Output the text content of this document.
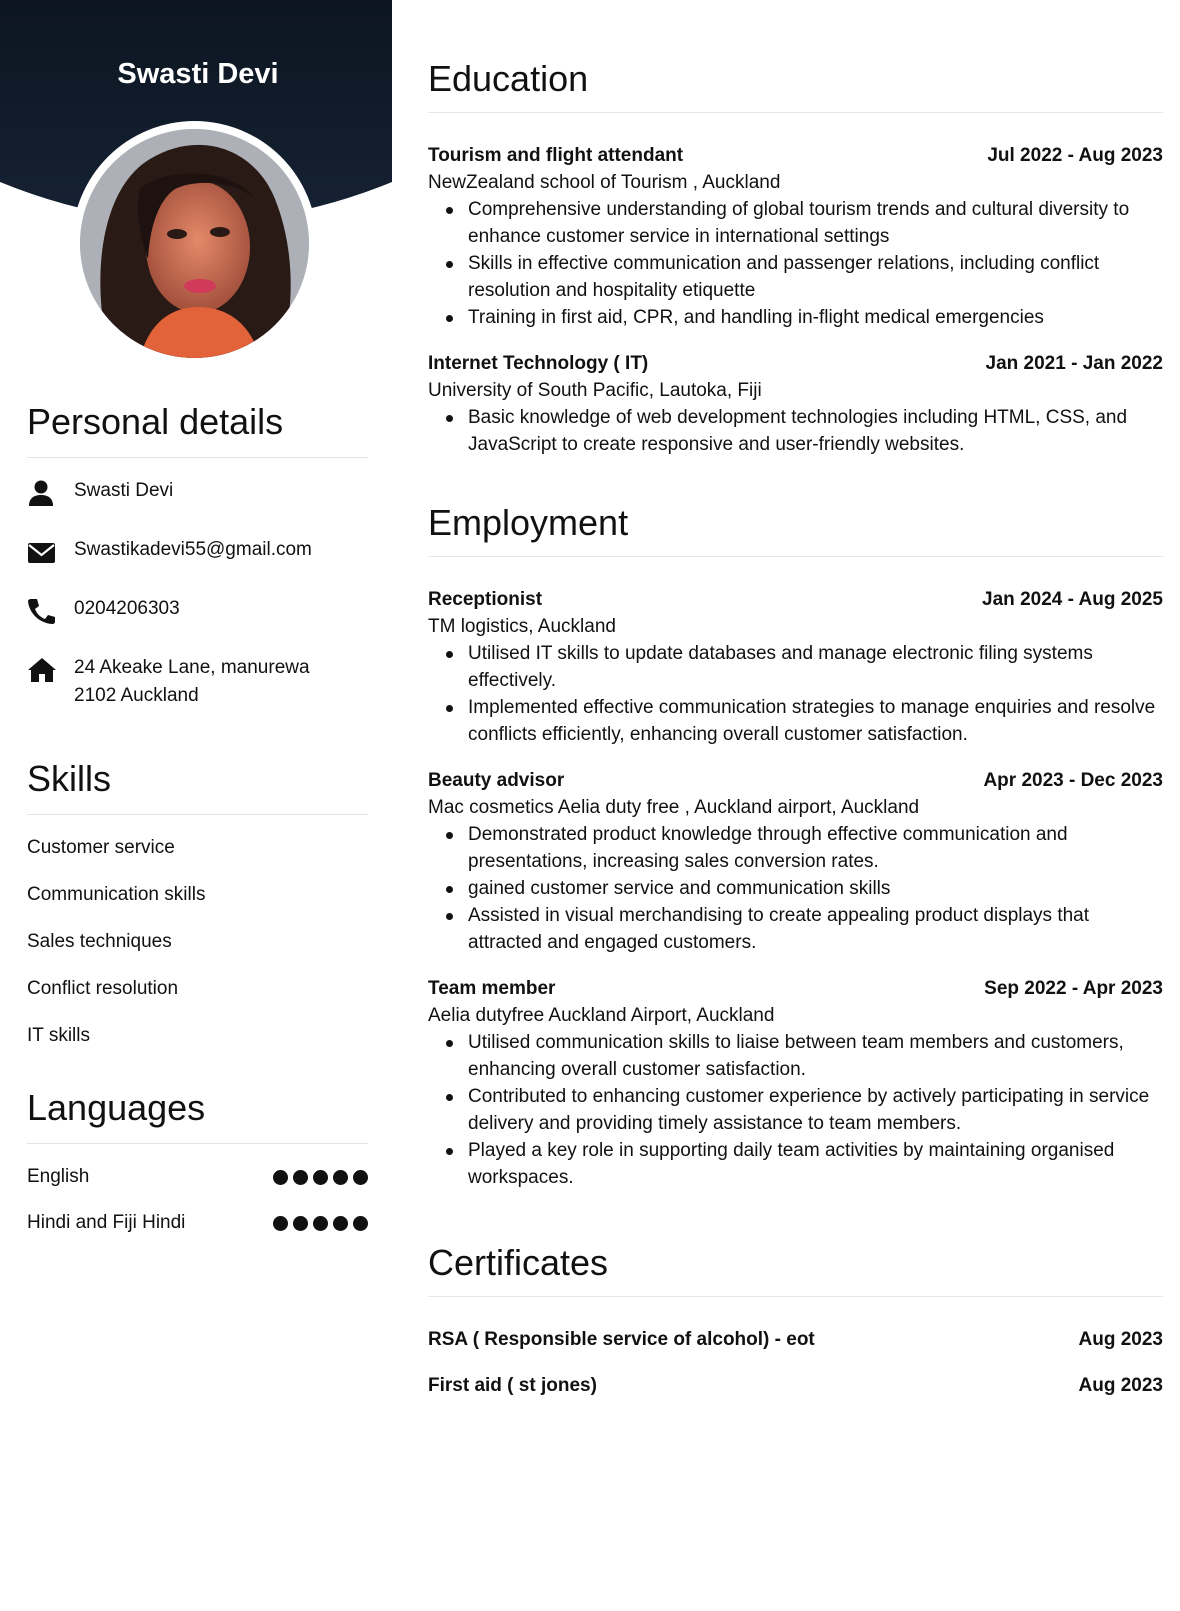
Swasti Devi
Personal details
Swasti Devi
Swastikadevi55@gmail.com
0204206303
24 Akeake Lane, manurewa
2102 Auckland
Skills
Customer service
Communication skills
Sales techniques
Conflict resolution
IT skills
Languages
English
Hindi and Fiji Hindi
Education
Tourism and flight attendant	Jul 2022 - Aug 2023
NewZealand school of Tourism , Auckland
Comprehensive understanding of global tourism trends and cultural diversity to enhance customer service in international settings
Skills in effective communication and passenger relations, including conflict resolution and hospitality etiquette
Training in first aid, CPR, and handling in-flight medical emergencies
Internet Technology ( IT)	Jan 2021 - Jan 2022
University of South Pacific, Lautoka, Fiji
Basic knowledge of web development technologies including HTML, CSS, and JavaScript to create responsive and user-friendly websites.
Employment
Receptionist	Jan 2024 - Aug 2025
TM logistics, Auckland
Utilised IT skills to update databases and manage electronic filing systems effectively.
Implemented effective communication strategies to manage enquiries and resolve conflicts efficiently, enhancing overall customer satisfaction.
Beauty advisor	Apr 2023 - Dec 2023
Mac cosmetics Aelia duty free , Auckland airport, Auckland
Demonstrated product knowledge through effective communication and presentations, increasing sales conversion rates.
gained customer service and communication skills
Assisted in visual merchandising to create appealing product displays that attracted and engaged customers.
Team member	Sep 2022 - Apr 2023
Aelia dutyfree Auckland Airport, Auckland
Utilised communication skills to liaise between team members and customers, enhancing overall customer satisfaction.
Contributed to enhancing customer experience by actively participating in service delivery and providing timely assistance to team members.
Played a key role in supporting daily team activities by maintaining organised workspaces.
Certificates
RSA ( Responsible service of alcohol) - eot	Aug 2023
First aid ( st jones)	Aug 2023
